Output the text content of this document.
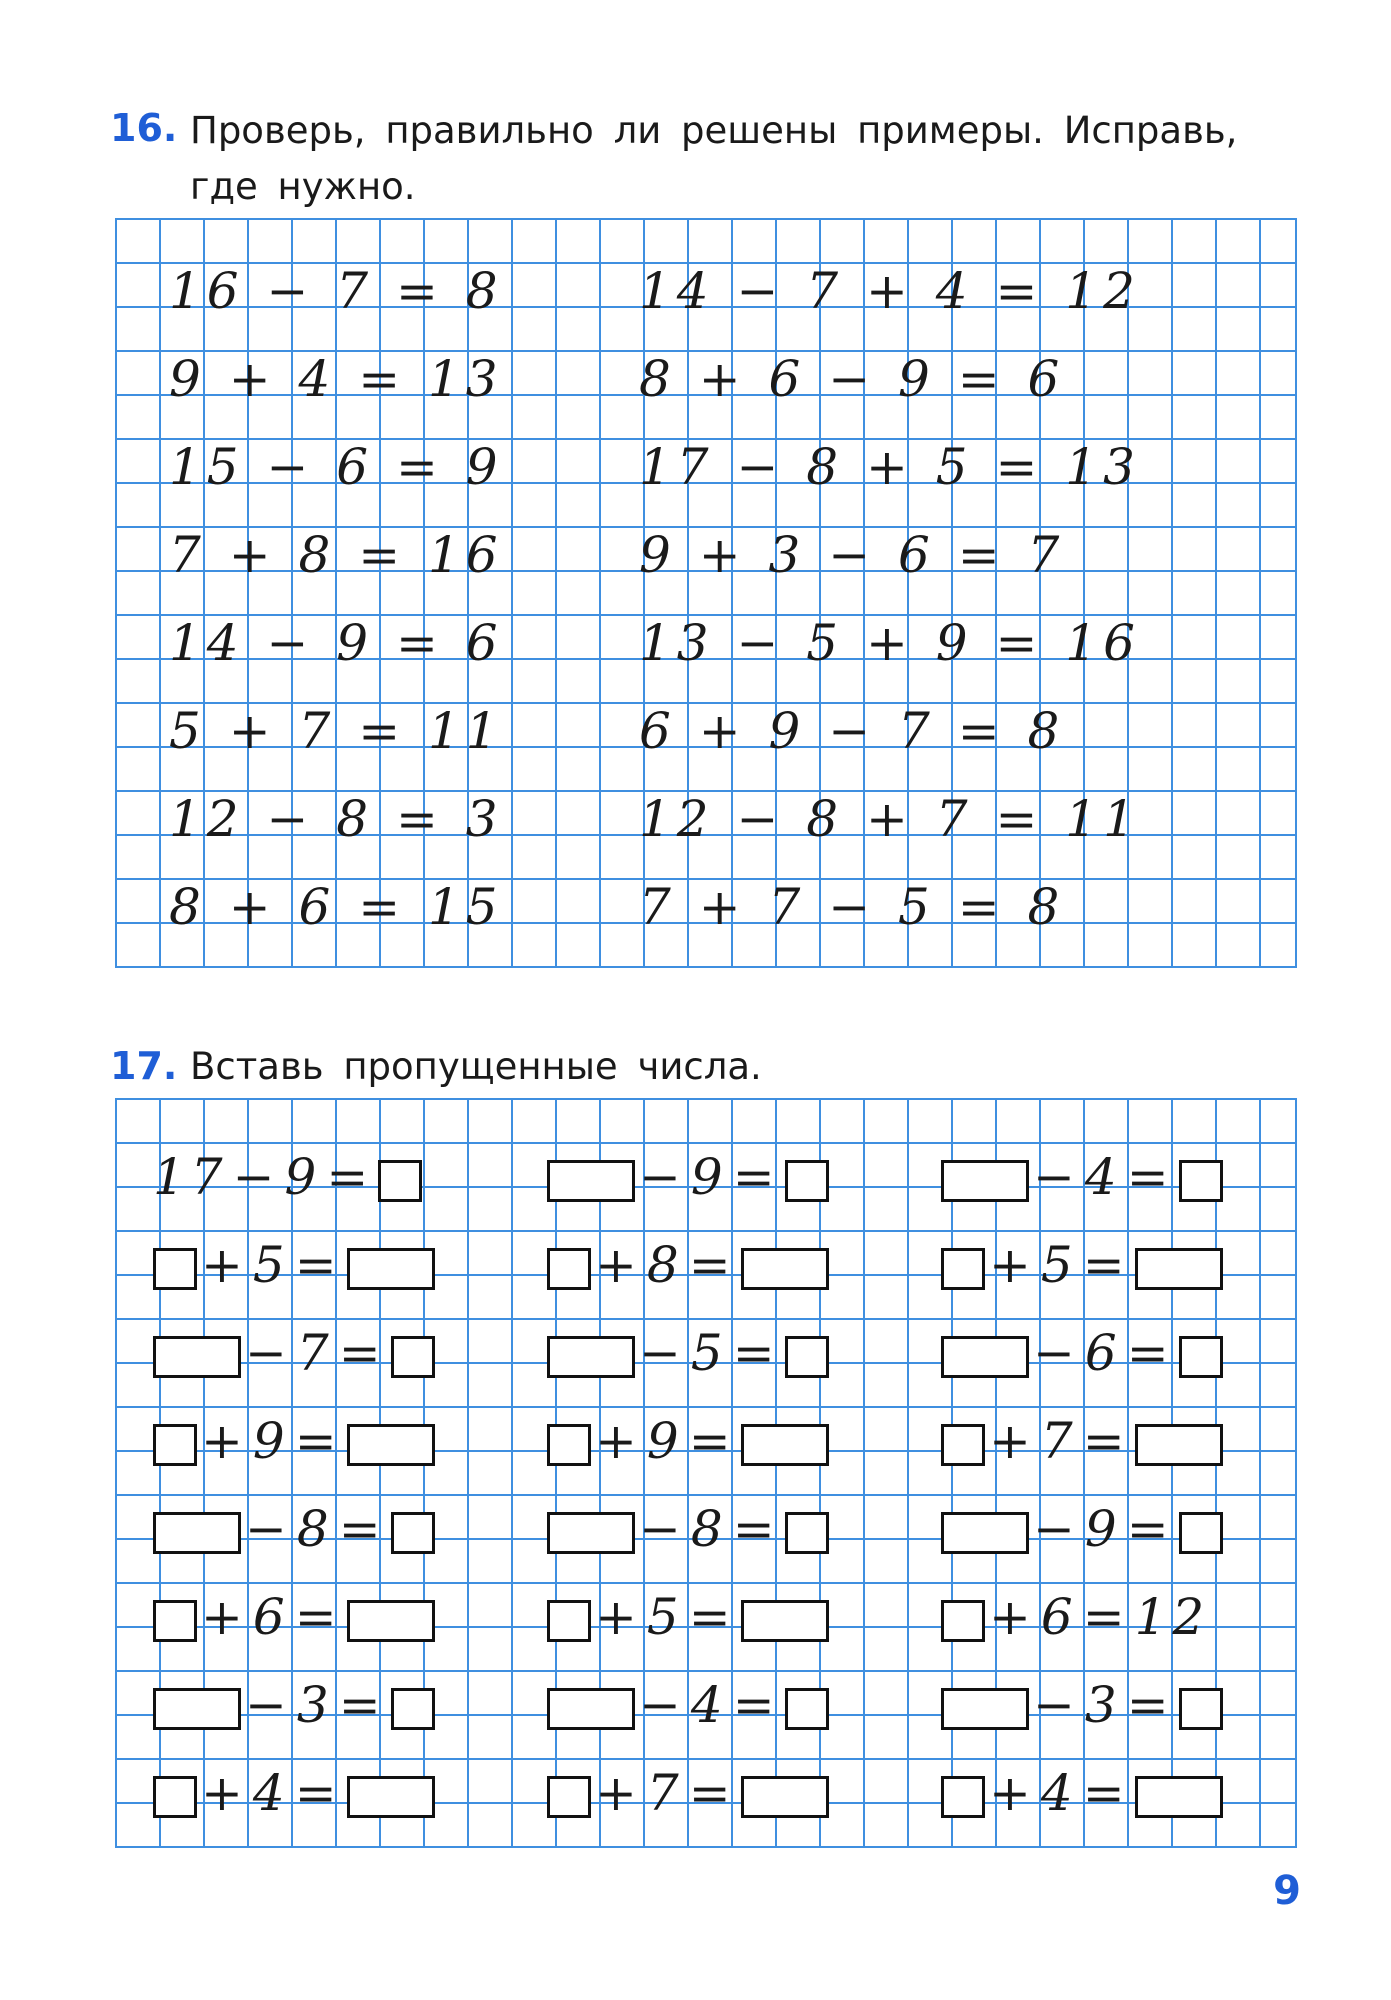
16. Проверь, правильно ли решены примеры. Исправь,
где нужно.
16 − 7 = 8
9 + 4 = 13
15 − 6 = 9
7 + 8 = 16
14 − 9 = 6
5 + 7 = 11
12 − 8 = 3
8 + 6 = 15
14 − 7 + 4 = 12
8 + 6 − 9 = 6
17 − 8 + 5 = 13
9 + 3 − 6 = 7
13 − 5 + 9 = 16
6 + 9 − 7 = 8
12 − 8 + 7 = 11
7 + 7 − 5 = 8
17. Вставь пропущенные числа.
17 − 9 =
+ 5 =
− 7 =
+ 9 =
− 8 =
+ 6 =
− 3 =
+ 4 =
− 9 =
+ 8 =
− 5 =
+ 9 =
− 8 =
+ 5 =
− 4 =
+ 7 =
− 4 =
+ 5 =
− 6 =
+ 7 =
− 9 =
+ 6 = 12
− 3 =
+ 4 =
9
